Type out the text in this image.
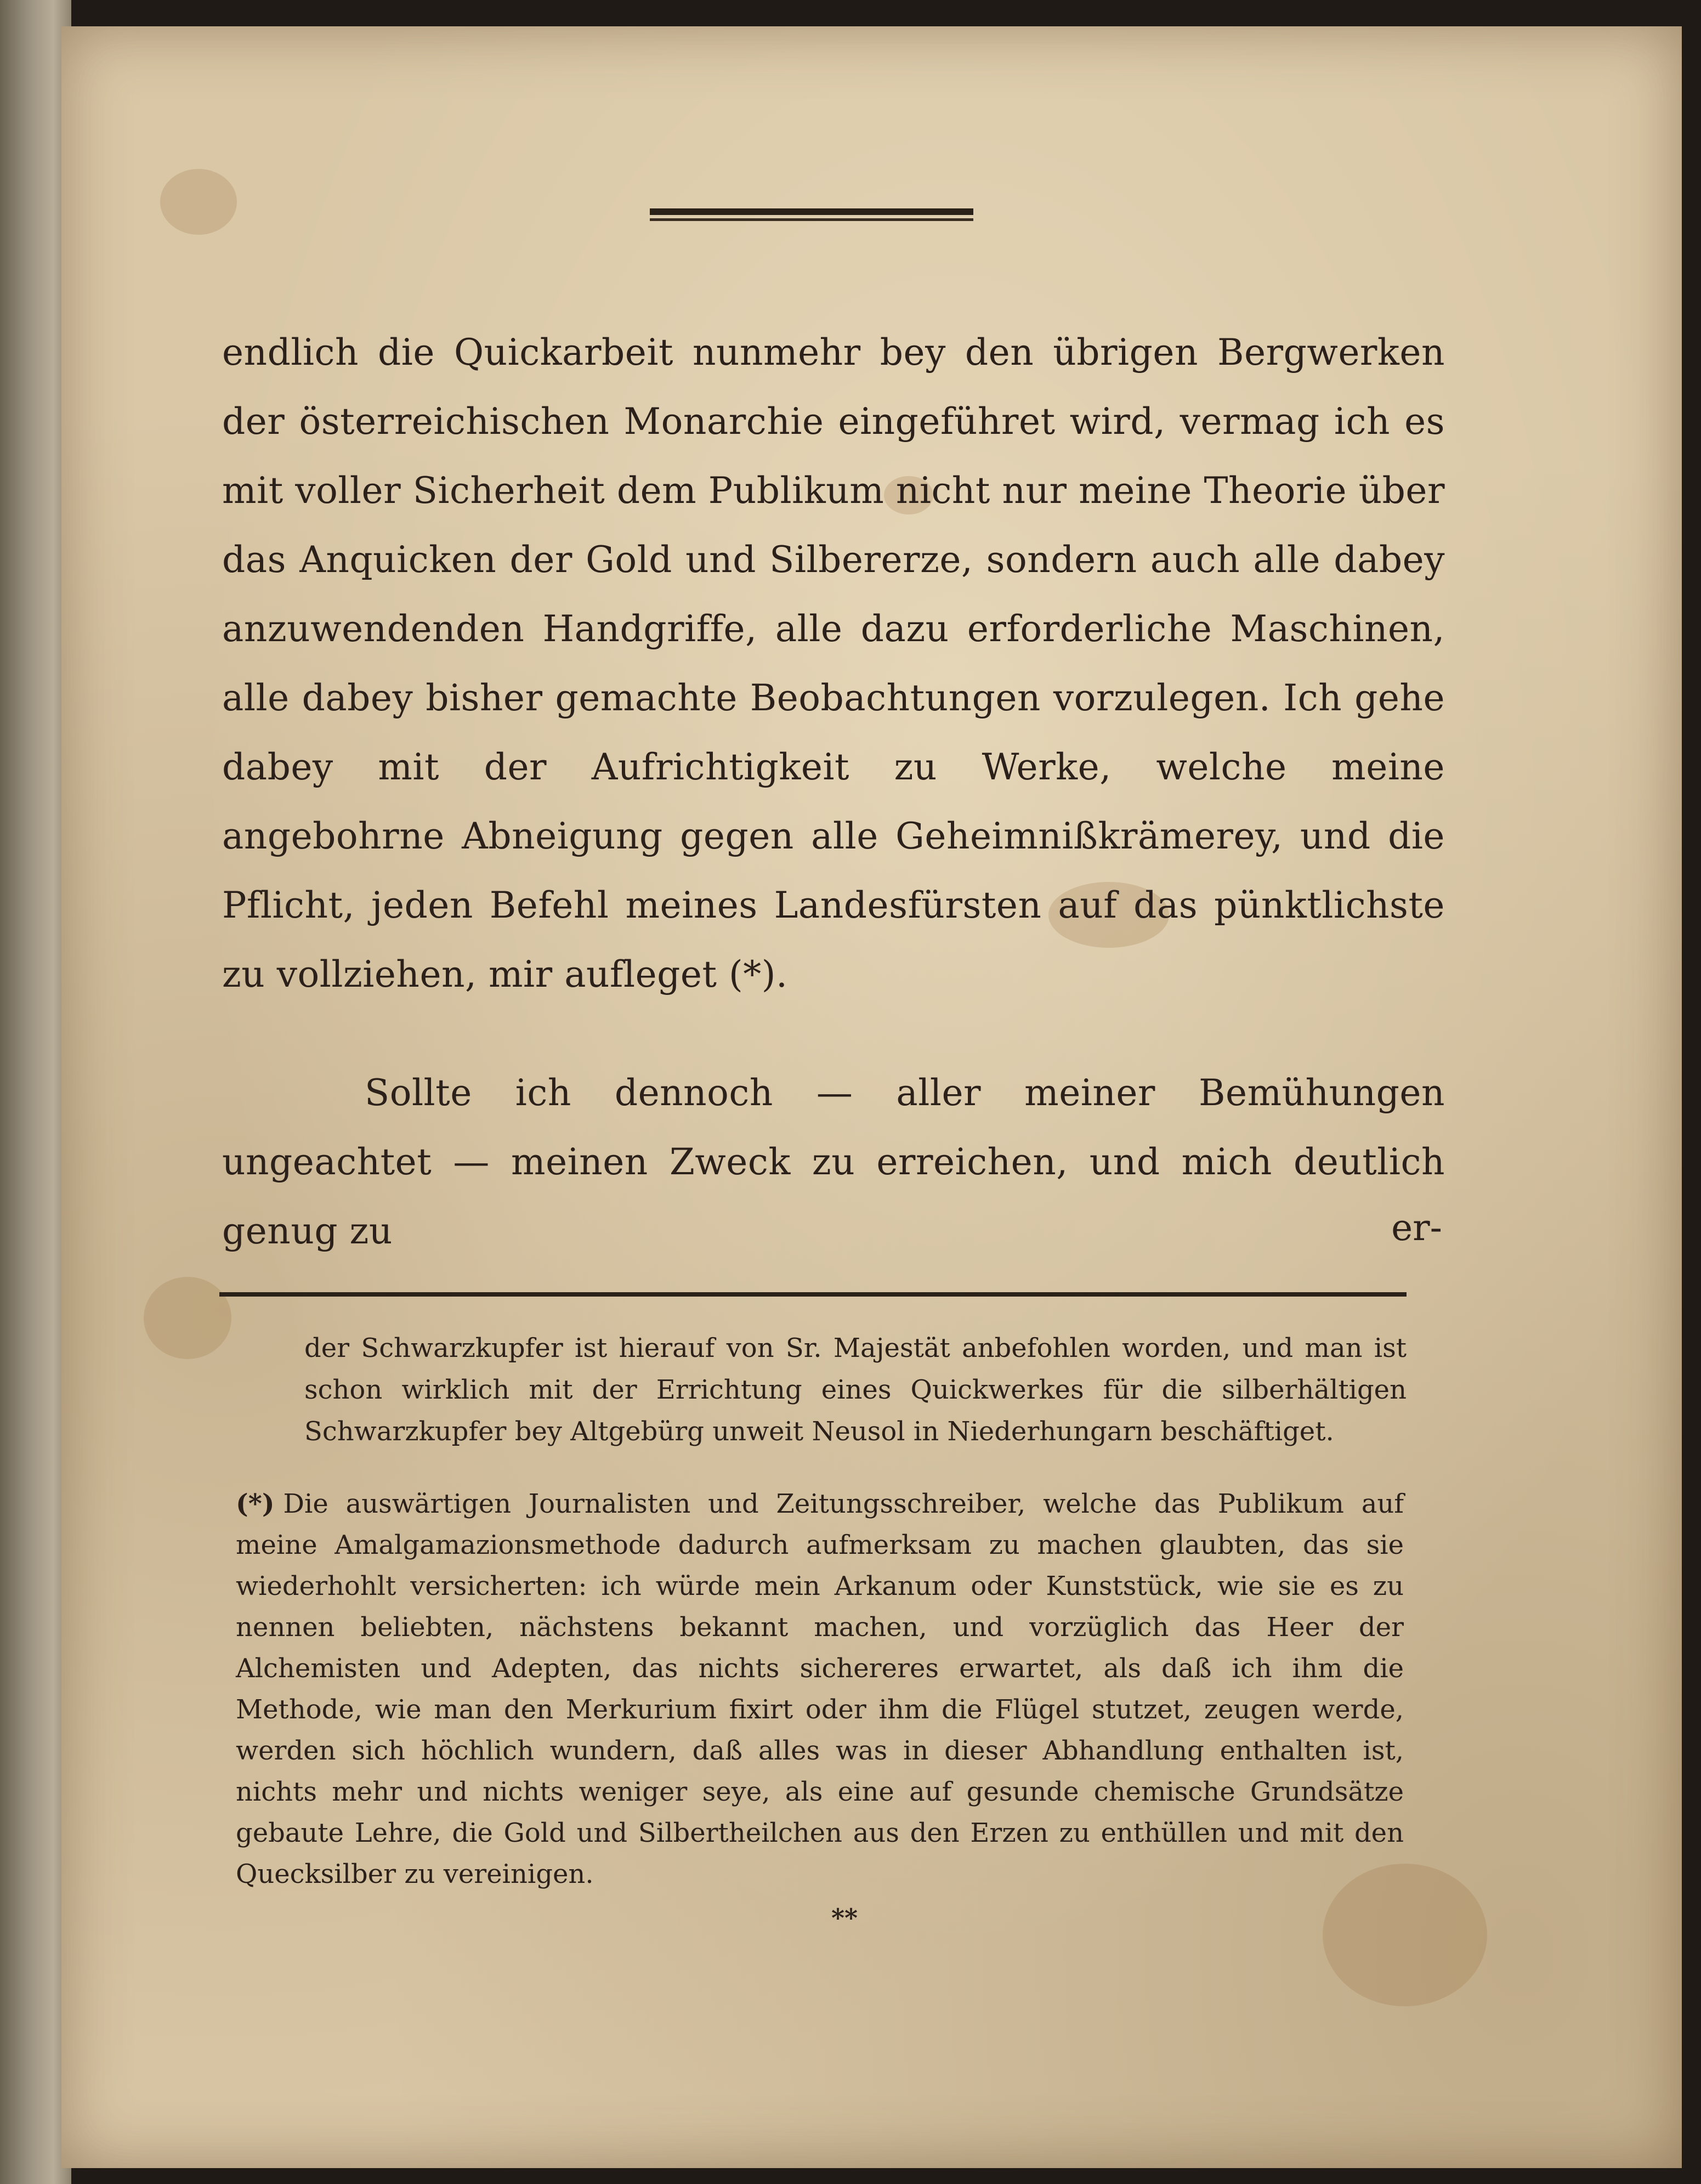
endlich die Quickarbeit nunmehr bey den übrigen Bergwerken der österreichischen Monarchie eingeführet wird, vermag ich es mit voller Sicherheit dem Publikum nicht nur meine Theorie über das Anquicken der Gold und Silbererze, sondern auch alle dabey anzuwendenden Handgriffe, alle dazu erforderliche Maschinen, alle dabey bisher gemachte Beobachtungen vorzulegen. Ich gehe dabey mit der Aufrichtigkeit zu Werke, welche meine angebohrne Abneigung gegen alle Geheimnißkrämerey, und die Pflicht, jeden Befehl meines Landesfürsten auf das pünktlichste zu vollziehen, mir aufleget (*).
Sollte ich dennoch — aller meiner Bemühungen ungeachtet — meinen Zweck zu erreichen, und mich deutlich genug zu	er-
der Schwarzkupfer ist hierauf von Sr. Majestät anbefohlen worden, und man ist schon wirklich mit der Errichtung eines Quickwerkes für die silberhältigen Schwarzkupfer bey Altgebürg unweit Neusol in Niederhungarn beschäftiget.
(*) Die auswärtigen Journalisten und Zeitungsschreiber, welche das Publikum auf meine Amalgamazionsmethode dadurch aufmerksam zu machen glaubten, das sie wiederhohlt versicherten: ich würde mein Arkanum oder Kunststück, wie sie es zu nennen beliebten, nächstens bekannt machen, und vorzüglich das Heer der Alchemisten und Adepten, das nichts sichereres erwartet, als daß ich ihm die Methode, wie man den Merkurium fixirt oder ihm die Flügel stutzet, zeugen werde, werden sich höchlich wundern, daß alles was in dieser Abhandlung enthalten ist, nichts mehr und nichts weniger seye, als eine auf gesunde chemische Grundsätze gebaute Lehre, die Gold und Silbertheilchen aus den Erzen zu enthüllen und mit den Quecksilber zu vereinigen.
**
